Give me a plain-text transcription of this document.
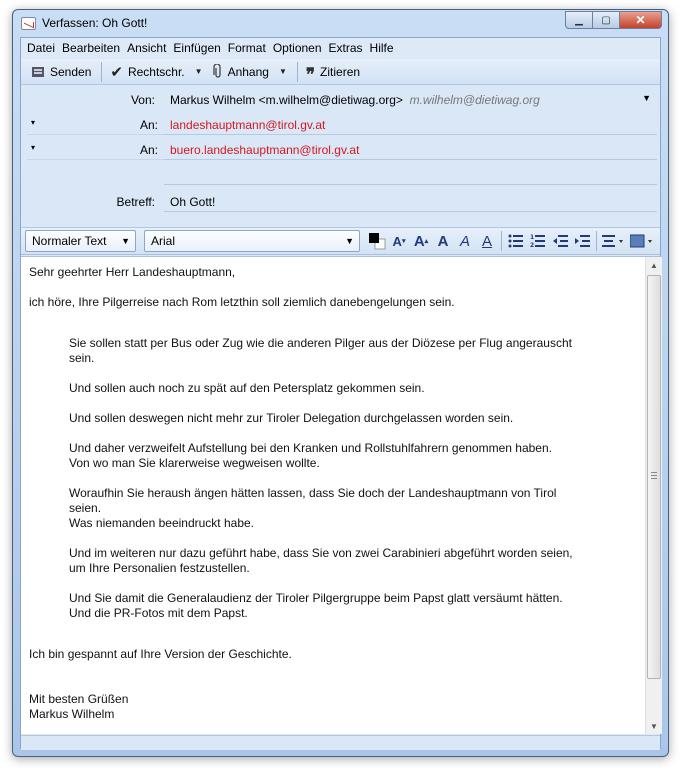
Verfassen: Oh Gott!	▁	▢	✕
Datei Bearbeiten Ansicht Einfügen Format Optionen Extras Hilfe
Senden ✔ Rechtschr.	▼	Anhang	▼	❞ Zitieren
Von:	Markus Wilhelm <m.wilhelm@dietiwag.org> m.wilhelm@dietiwag.org	▼
▾	An:	landeshauptmann@tirol.gv.at
▾	An:	buero.landeshauptmann@tirol.gv.at
Betreff:	Oh Gott!
Normaler Text ▼ Arial	▼	A ▾ A ▴ A A A	1
2

Sehr geehrter Herr Landeshauptmann,

ich höre, Ihre Pilgerreise nach Rom letzthin soll ziemlich danebengelungen sein.

Sie sollen statt per Bus oder Zug wie die anderen Pilger aus der Diözese per Flug angerauscht sein.
Und sollen auch noch zu spät auf den Petersplatz gekommen sein.
Und sollen deswegen nicht mehr zur Tiroler Delegation durchgelassen worden sein.
Und daher verzweifelt Aufstellung bei den Kranken und Rollstuhlfahrern genommen haben.
Von wo man Sie klarerweise wegweisen wollte.
Woraufhin Sie heraush ängen hätten lassen, dass Sie doch der Landeshauptmann von Tirol seien.
Was niemanden beeindruckt habe.
Und im weiteren nur dazu geführt habe, dass Sie von zwei Carabinieri abgeführt worden seien, um Ihre Personalien festzustellen.
Und Sie damit die Generalaudienz der Tiroler Pilgergruppe beim Papst glatt versäumt hätten.
Und die PR-Fotos mit dem Papst.

Ich bin gespannt auf Ihre Version der Geschichte.

Mit besten Grüßen
Markus Wilhelm
▲
▼
